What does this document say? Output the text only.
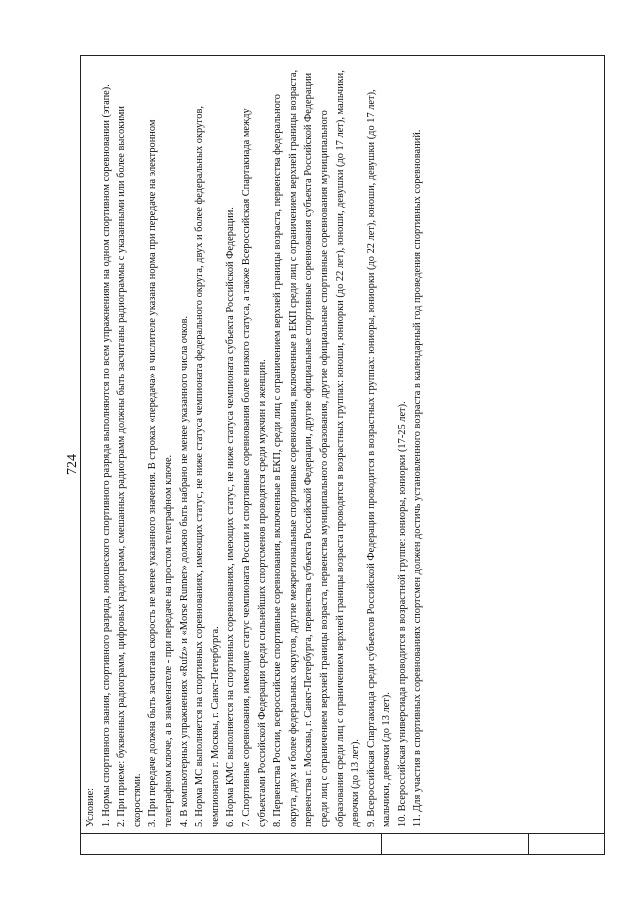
724

Условие: 1. Нормы спортивного звания, спортивного разряда, юношеского спортивного разряда выполняются по всем упражнениям на одном спортивном соревновании (этапе). 2. При приеме: буквенных радиограмм, цифровых радиограмм, смешанных радиограмм должны быть засчитаны радиограммы с указанными или более высокими скоростями. 3. При передаче должна быть засчитана скорость не менее указанного значения. В строках «передача» в числителе указана норма при передаче на электронном телеграфном ключе, а в знаменателе - при передаче на простом телеграфном ключе. 4. В компьютерных упражнениях «Rufz» и «Morse Runner» должно быть набрано не менее указанного числа очков. 5. Норма МС выполняется на спортивных соревнованиях, имеющих статус, не ниже статуса чемпионата федерального округа, двух и более федеральных округов, чемпионатов г. Москвы, г. Санкт-Петербурга. 6. Норма КМС выполняется на спортивных соревнованиях, имеющих статус, не ниже статуса чемпионата субъекта Российской Федерации. 7. Спортивные соревнования, имеющие статус чемпионата России и спортивные соревнования более низкого статуса, а также Всероссийская Спартакиада между субъектами Российской Федерации среди сильнейших спортсменов проводятся среди мужчин и женщин. 8. Первенства России, всероссийские спортивные соревнования, включенные в ЕКП, среди лиц с ограничением верхней границы возраста, первенства федерального округа, двух и более федеральных округов, другие межрегиональные спортивные соревнования, включенные в ЕКП среди лиц с ограничением верхней границы возраста, первенства г. Москвы, г. Санкт-Петербурга, первенства субъекта Российской Федерации, другие официальные спортивные соревнования субъекта Российской Федерации среди лиц с ограничением верхней границы возраста, первенства муниципального образования, другие официальные спортивные соревнования муниципального образования среди лиц с ограничением верхней границы возраста проводятся в возрастных группах: юноши, юниорки (до 22 лет), юноши, девушки (до 17 лет), мальчики, девочки (до 13 лет). 9. Всероссийская Спартакиада среди субъектов Российской Федерации проводится в возрастных группах: юниоры, юниорки (до 22 лет), юноши, девушки (до 17 лет), мальчики, девочки (до 13 лет). 10. Всероссийская универсиада проводится в возрастной группе: юниоры, юниорки (17-25 лет). 11. Для участия в спортивных соревнованиях спортсмен должен достичь установленного возраста в календарный год проведения спортивных соревнований.
